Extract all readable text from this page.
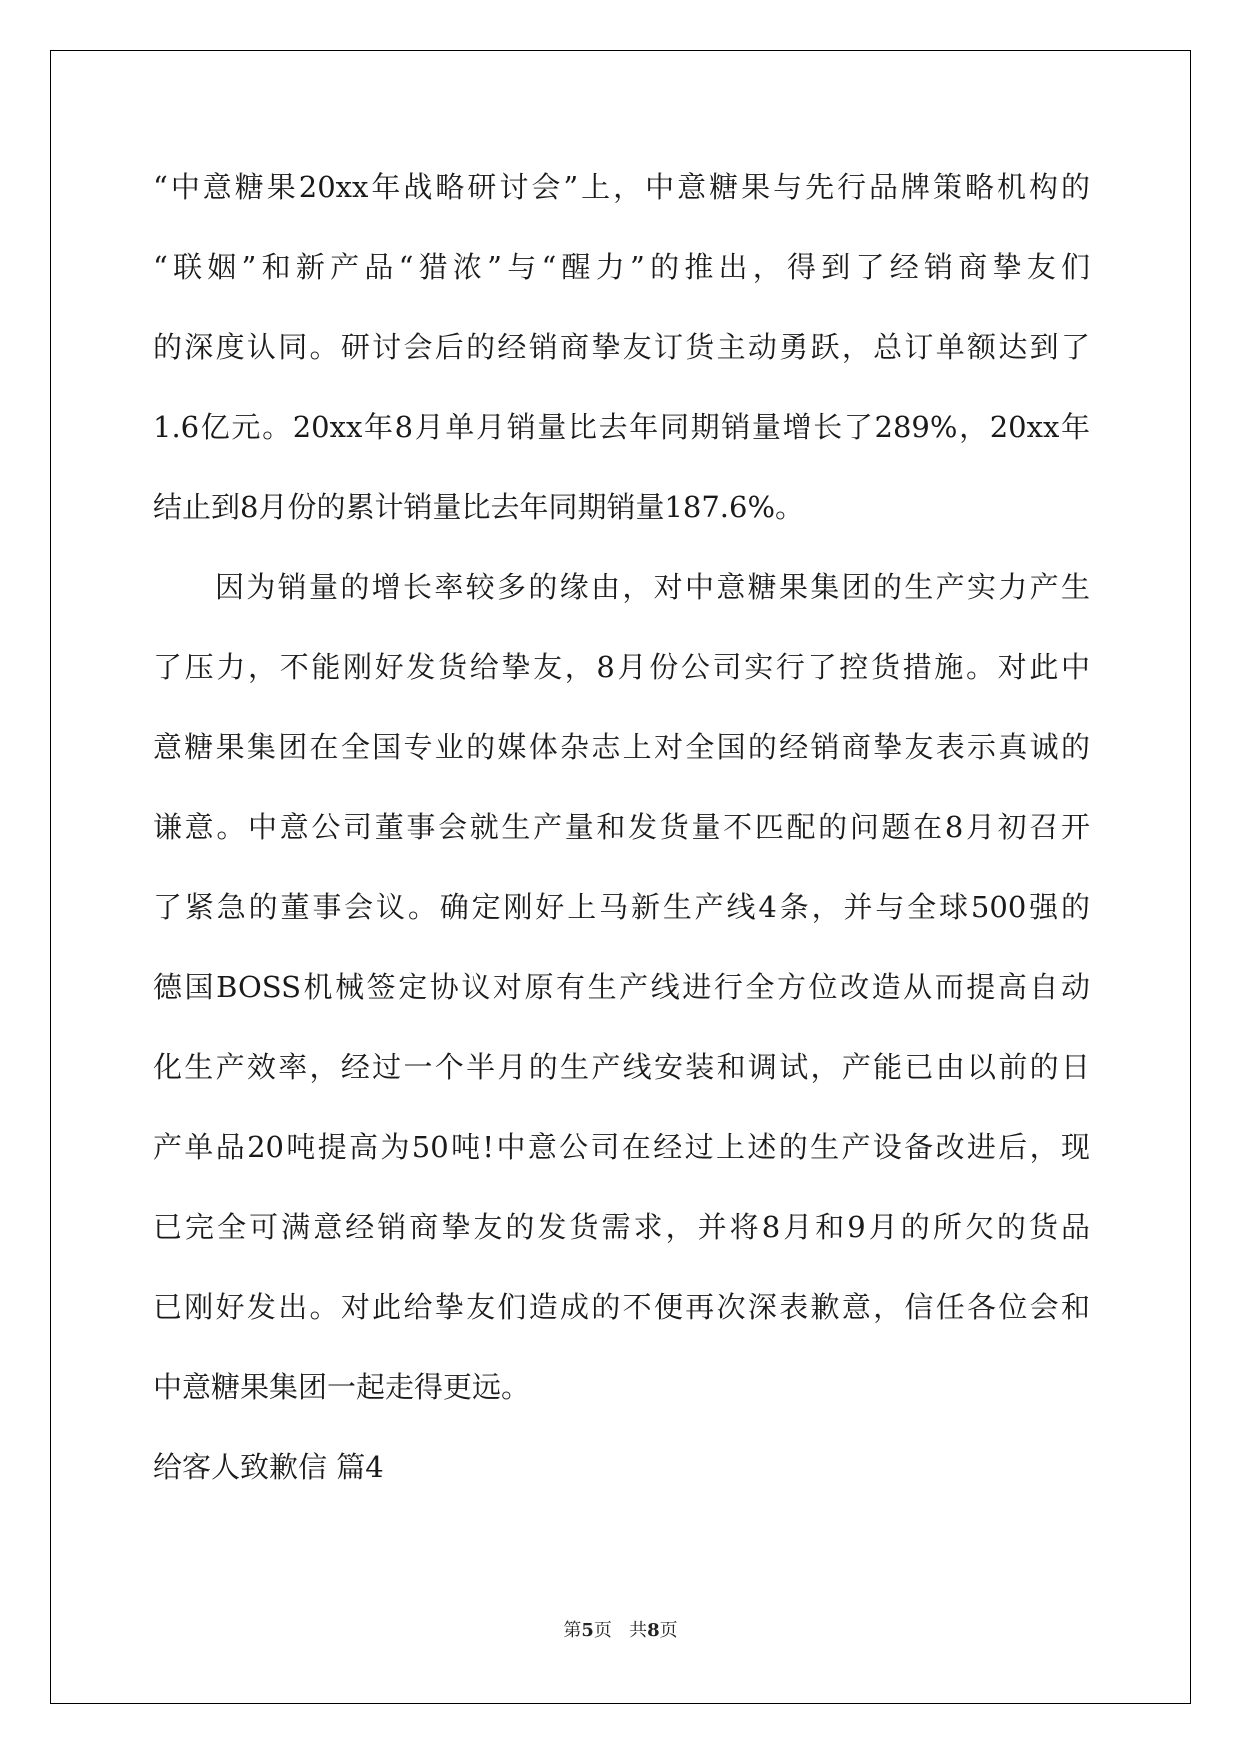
“中意糖果20xx年战略研讨会”上，中意糖果与先行品牌策略机构的
“联姻”和新产品“猎浓”与“醒力”的推出，得到了经销商挚友们
的深度认同。研讨会后的经销商挚友订货主动勇跃，总订单额达到了
1.6亿元。20xx年8月单月销量比去年同期销量增长了289%，20xx年
结止到8月份的累计销量比去年同期销量187.6%。
因为销量的增长率较多的缘由，对中意糖果集团的生产实力产生
了压力，不能刚好发货给挚友，8月份公司实行了控货措施。对此中
意糖果集团在全国专业的媒体杂志上对全国的经销商挚友表示真诚的
谦意。中意公司董事会就生产量和发货量不匹配的问题在8月初召开
了紧急的董事会议。确定刚好上马新生产线4条，并与全球500强的
德国BOSS机械签定协议对原有生产线进行全方位改造从而提高自动
化生产效率，经过一个半月的生产线安装和调试，产能已由以前的日
产单品20吨提高为50吨!中意公司在经过上述的生产设备改进后，现
已完全可满意经销商挚友的发货需求，并将8月和9月的所欠的货品
已刚好发出。对此给挚友们造成的不便再次深表歉意，信任各位会和
中意糖果集团一起走得更远。
给客人致歉信 篇4
第5页 共8页
